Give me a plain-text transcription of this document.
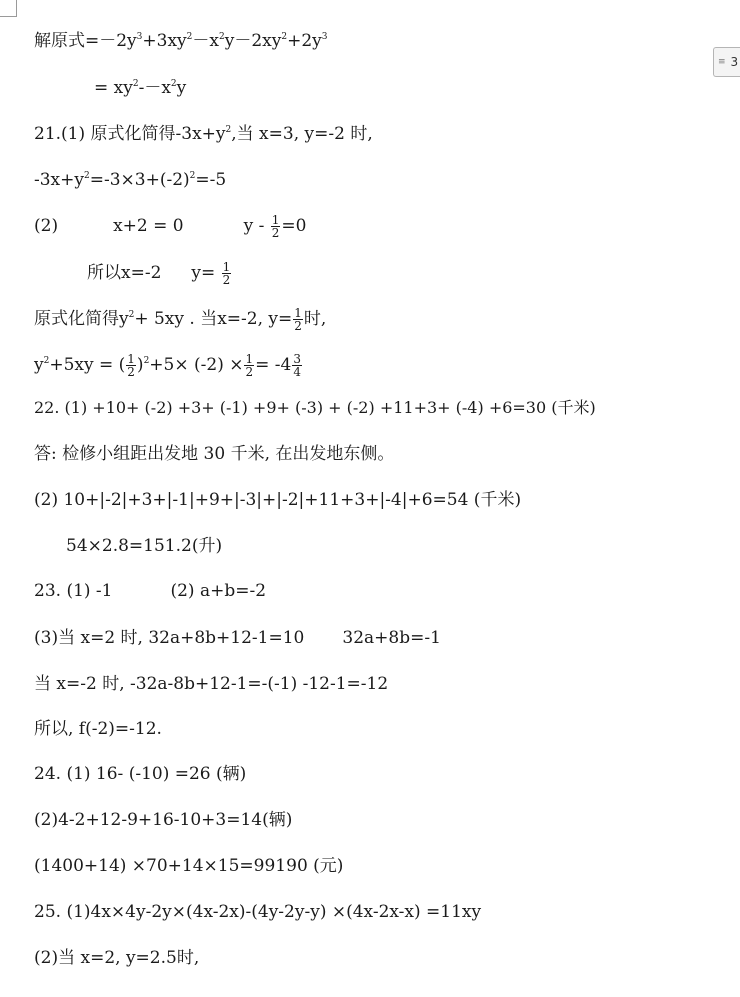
≡ 3
解原式$=-2y^3+3xy^2-x^2y-2xy^2+2y^3$
= $xy^2--x^2y$
21.(1) 原式化简得$-3x+y^2$,当 x=3, y=-2 时,
$-3x+y^2=-3\times 3+(-2)^2=-5$
(2)	x+2 = 0	$y - \frac{1}{2} =0$
所以x=-2 $y= \frac{1}{2}$
原式化简得$y^2+ 5xy$ . 当x=-2, $y= \frac{1}{2}$ 时,
$y^2+5xy$ = ( $\frac{1}{2} )^2+5\times (-2) \times \frac{1}{2} = -4 \frac{3}{4}$
22. (1) +10+ (-2) +3+ (-1) +9+ (-3) + (-2) +11+3+ (-4) +6=30 (千米)
答: 检修小组距出发地 30 千米, 在出发地东侧。
(2) 10+|-2|+3+|-1|+9+|-3|+|-2|+11+3+|-4|+6=54 (千米)
54×2.8=151.2(升)
23. (1) -1	(2) a+b=-2
(3)当 x=2 时, 32a+8b+12-1=10 32a+8b=-1
当 x=-2 时, -32a-8b+12-1=-(-1) -12-1=-12
所以, f(-2)=-12.
24. (1) 16- (-10) =26 (辆)
(2)4-2+12-9+16-10+3=14(辆)
(1400+14) ×70+14×15=99190 (元)
25. (1)4x×4y-2y×(4x-2x)-(4y-2y-y) ×(4x-2x-x) =11xy
(2)当 x=2, y=2.5时,
